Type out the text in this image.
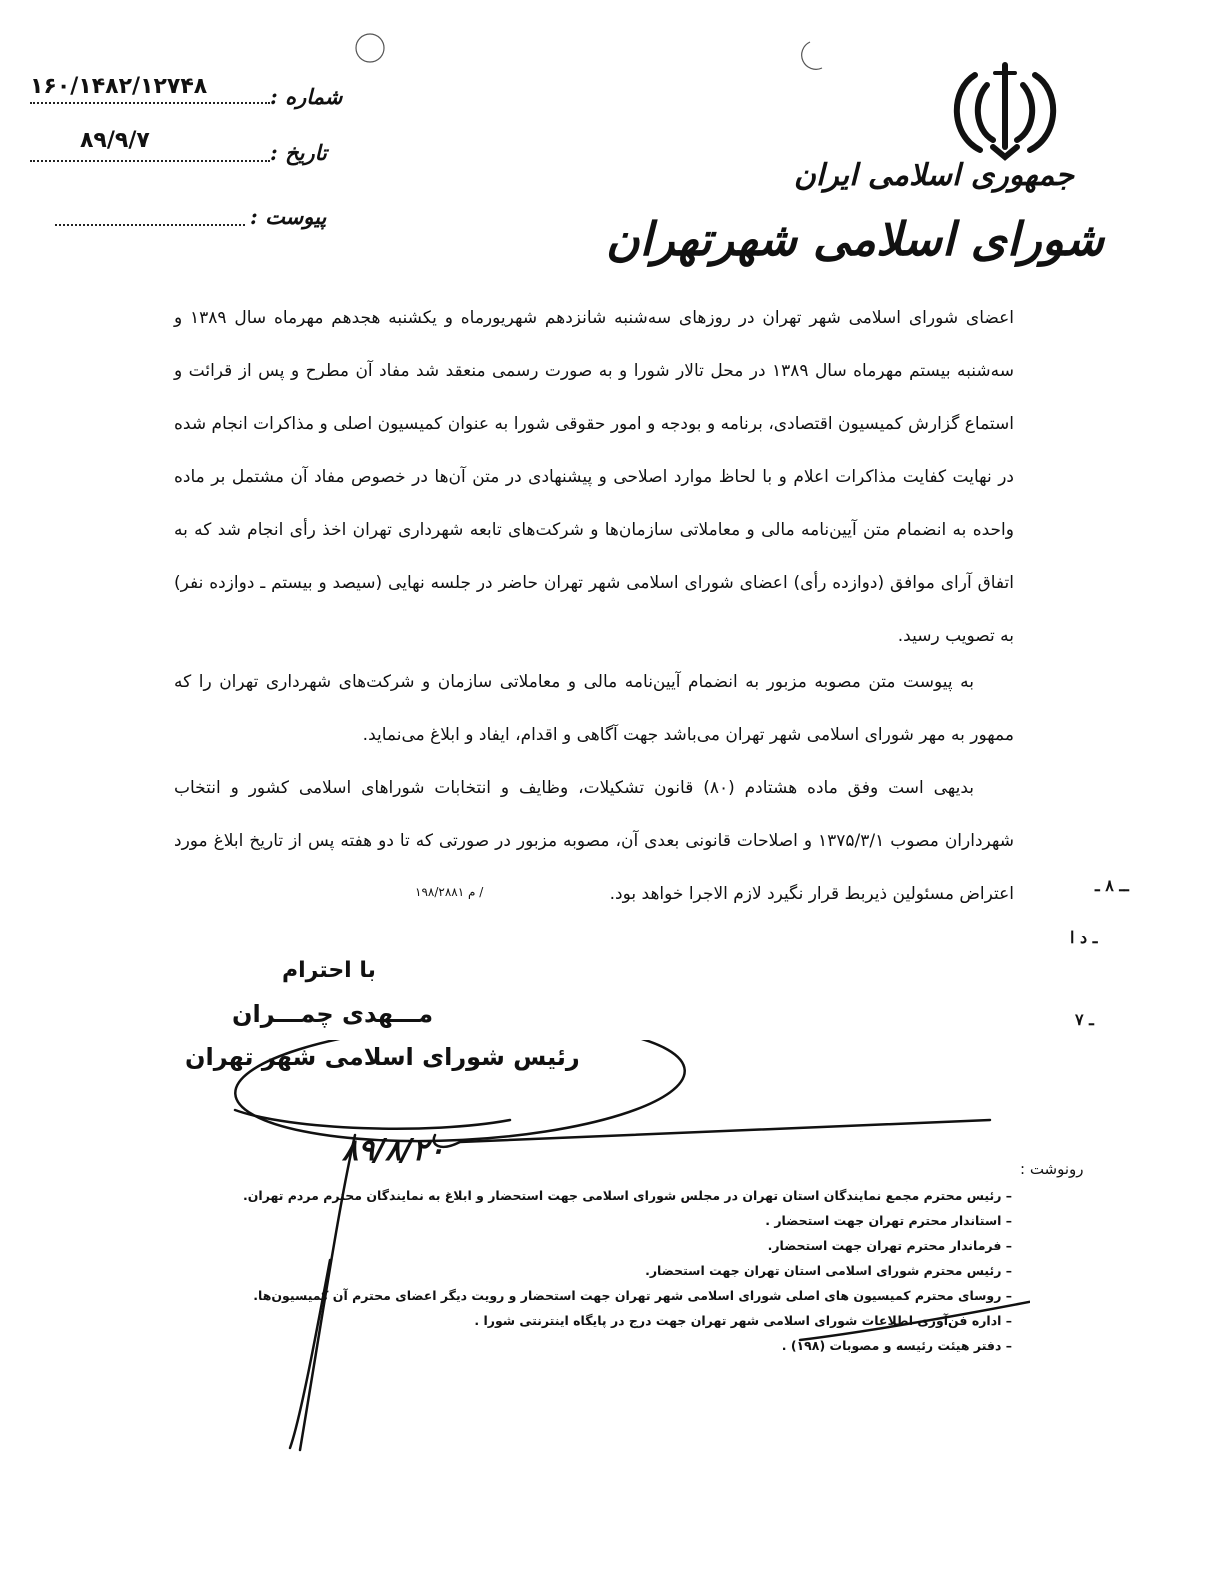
جمهوری اسلامی ایران
شورای اسلامی شهرتهران
۱۶۰/۱۴۸۲/۱۲۷۴۸	شماره :
۸۹/۹/۷	تاریخ :
پیوست :
اعضای شورای اسلامی شهر تهران در روزهای سه‌شنبه شانزدهم شهریورماه و یکشنبه هجدهم مهرماه سال ۱۳۸۹ و سه‌شنبه بیستم مهرماه سال ۱۳۸۹ در محل تالار شورا و به صورت رسمی منعقد شد مفاد آن مطرح و پس از قرائت و استماع گزارش کمیسیون اقتصادی، برنامه و بودجه و امور حقوقی شورا به عنوان کمیسیون اصلی و مذاکرات انجام شده در نهایت کفایت مذاکرات اعلام و با لحاظ موارد اصلاحی و پیشنهادی در متن آن‌ها در خصوص مفاد آن مشتمل بر ماده واحده به انضمام متن آیین‌نامه مالی و معاملاتی سازمان‌ها و شرکت‌های تابعه شهرداری تهران اخذ رأی انجام شد که به اتفاق آرای موافق (دوازده رأی) اعضای شورای اسلامی شهر تهران حاضر در جلسه نهایی (سیصد و بیستم ـ دوازده نفر) به تصویب رسید.
به پیوست متن مصوبه مزبور به انضمام آیین‌نامه مالی و معاملاتی سازمان و شرکت‌های شهرداری تهران را که ممهور به مهر شورای اسلامی شهر تهران می‌باشد جهت آگاهی و اقدام، ایفاد و ابلاغ می‌نماید.
بدیهی است وفق ماده هشتادم (۸۰) قانون تشکیلات، وظایف و انتخابات شوراهای اسلامی کشور و انتخاب شهرداران مصوب ۱۳۷۵/۳/۱ و اصلاحات قانونی بعدی آن، مصوبه مزبور در صورتی که تا دو هفته پس از تاریخ ابلاغ مورد اعتراض مسئولین ذیربط قرار نگیرد لازم الاجرا خواهد بود.
/ م ۱۹۸/۲۸۸۱
با احترام
مـــهدی چمـــران
رئیس شورای اسلامی شهر تهران
۸۹/۸/۲۰
رونوشت :
– رئیس محترم مجمع نمایندگان استان تهران در مجلس شورای اسلامی جهت استحضار و ابلاغ به نمایندگان محترم مردم تهران.
– استاندار محترم تهران جهت استحضار .
– فرماندار محترم تهران جهت استحضار.
– رئیس محترم شورای اسلامی استان تهران جهت استحضار.
– روسای محترم کمیسیون های اصلی شورای اسلامی شهر تهران جهت استحضار و رویت دیگر اعضای محترم آن کمیسیون‌ها.
– اداره فن‌آوری اطلاعات شورای اسلامی شهر تهران جهت درج در پایگاه اینترنتی شورا .
– دفتر هیئت رئیسه و مصوبات (۱۹۸) .
ــ ۸ ـ
ـ د ا
ـ ۷
